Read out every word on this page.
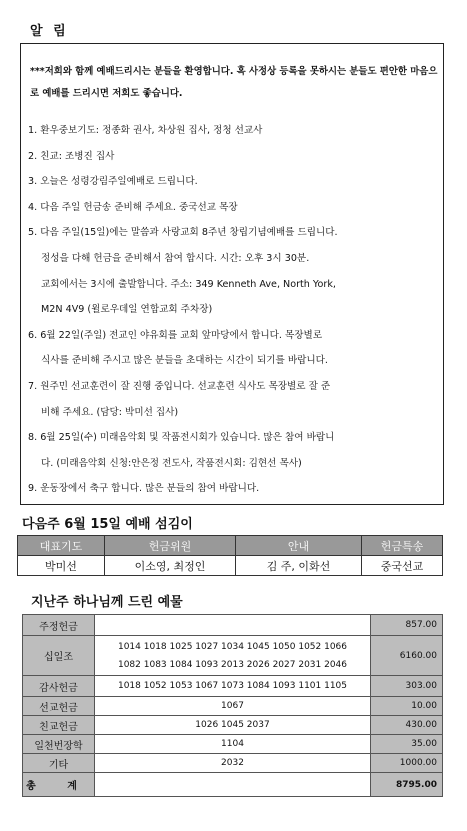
알 림
***저희와 함께 예배드리시는 분들을 환영합니다. 혹 사정상 등록을 못하시는 분들도 편안한 마음으로 예배를 드리시면 저희도 좋습니다.
1. 환우중보기도: 정종화 권사, 차상원 집사, 정청 선교사
2. 친교: 조병진 집사
3. 오늘은 성령강림주일예배로 드립니다.
4. 다음 주일 헌금송 준비해 주세요. 중국선교 목장
5. 다음 주일(15일)에는 말씀과 사랑교회 8주년 창립기념예배를 드립니다.
정성을 다해 헌금을 준비해서 참여 합시다. 시간: 오후 3시 30분.
교회에서는 3시에 출발합니다. 주소: 349 Kenneth Ave, North York,
M2N 4V9 (윌로우데일 연합교회 주차장)
6. 6월 22일(주일) 전교인 야유회를 교회 앞마당에서 합니다. 목장별로
식사를 준비해 주시고 많은 분들을 초대하는 시간이 되기를 바랍니다.
7. 원주민 선교훈련이 잘 진행 중입니다. 선교훈련 식사도 목장별로 잘 준
비해 주세요. (담당: 박미선 집사)
8. 6월 25일(수) 미래음악회 및 작품전시회가 있습니다. 많은 참여 바랍니
다. (미래음악회 신청:안은정 전도사, 작품전시회: 김현선 목사)
9. 운동장에서 축구 합니다. 많은 분들의 참여 바랍니다.
다음주 6월 15일 예배 섬김이
대표기도	헌금위원	안내	헌금특송
박미선	이소영, 최정인	김 주, 이화선	중국선교
지난주 하나님께 드린 예물
주정헌금		857.00
십일조	1014 1018 1025 1027 1034 1045 1050 1052 1066
1082 1083 1084 1093 2013 2026 2027 2031 2046	6160.00
감사헌금	1018 1052 1053 1067 1073 1084 1093 1101 1105	303.00
선교헌금	1067	10.00
친교헌금	1026 1045 2037	430.00
일천번장학	1104	35.00
기타	2032	1000.00
총 계		8795.00
